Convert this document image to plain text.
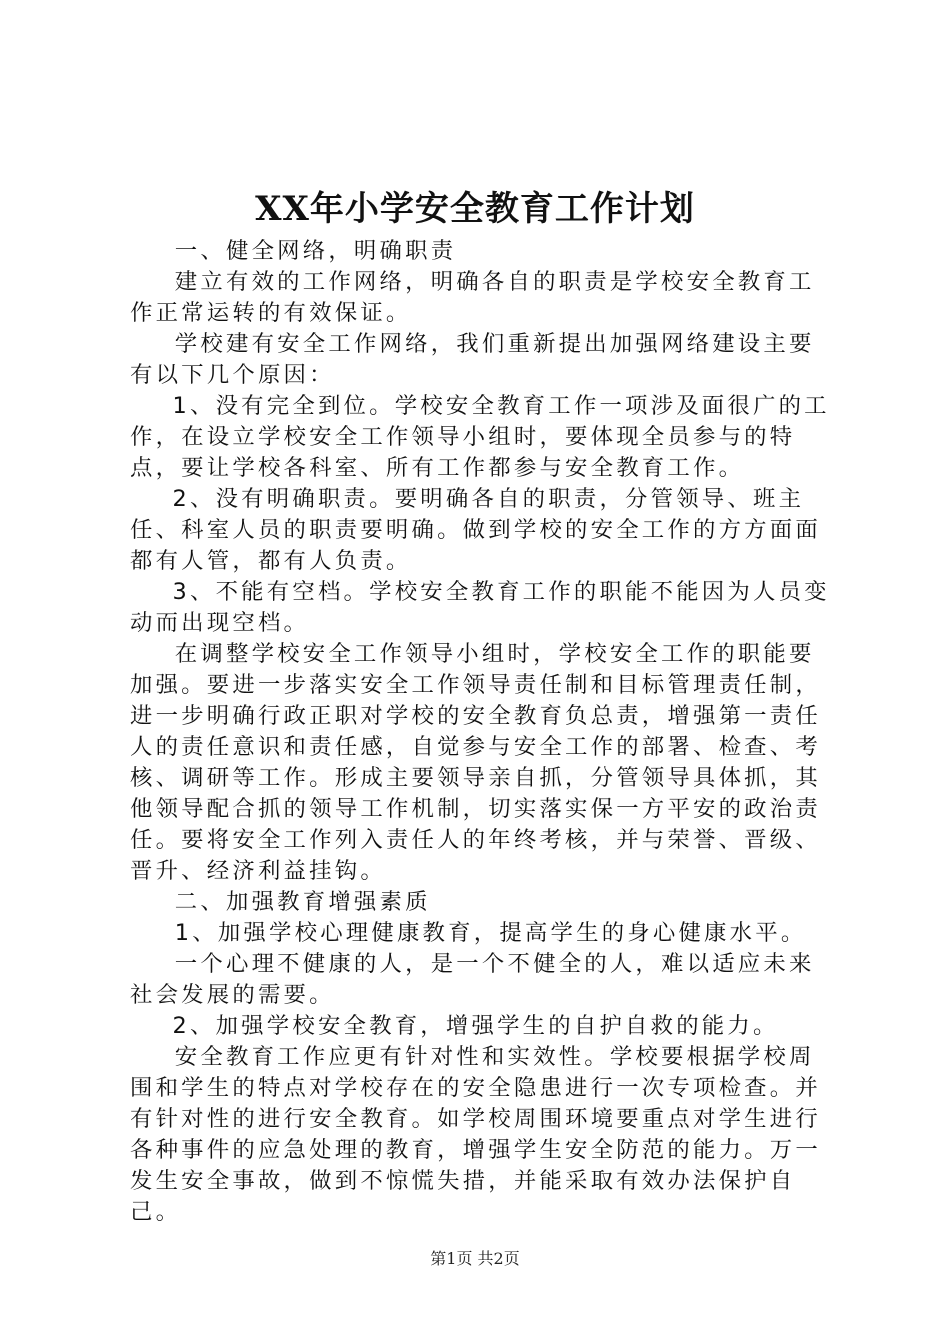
XX年小学安全教育工作计划

一、健全网络，明确职责

建立有效的工作网络，明确各自的职责是学校安全教育工作正常运转的有效保证。

学校建有安全工作网络，我们重新提出加强网络建设主要有以下几个原因：

1、没有完全到位。学校安全教育工作一项涉及面很广的工作，在设立学校安全工作领导小组时，要体现全员参与的特点，要让学校各科室、所有工作都参与安全教育工作。

2、没有明确职责。要明确各自的职责，分管领导、班主任、科室人员的职责要明确。做到学校的安全工作的方方面面都有人管，都有人负责。

3、不能有空档。学校安全教育工作的职能不能因为人员变动而出现空档。

在调整学校安全工作领导小组时，学校安全工作的职能要加强。要进一步落实安全工作领导责任制和目标管理责任制，进一步明确行政正职对学校的安全教育负总责，增强第一责任人的责任意识和责任感，自觉参与安全工作的部署、检查、考核、调研等工作。形成主要领导亲自抓，分管领导具体抓，其他领导配合抓的领导工作机制，切实落实保一方平安的政治责任。要将安全工作列入责任人的年终考核，并与荣誉、晋级、晋升、经济利益挂钩。

二、加强教育增强素质

1、加强学校心理健康教育，提高学生的身心健康水平。

一个心理不健康的人，是一个不健全的人，难以适应未来社会发展的需要。

2、加强学校安全教育，增强学生的自护自救的能力。

安全教育工作应更有针对性和实效性。学校要根据学校周围和学生的特点对学校存在的安全隐患进行一次专项检查。并有针对性的进行安全教育。如学校周围环境要重点对学生进行各种事件的应急处理的教育，增强学生安全防范的能力。万一发生安全事故，做到不惊慌失措，并能采取有效办法保护自己。

第1页 共2页
